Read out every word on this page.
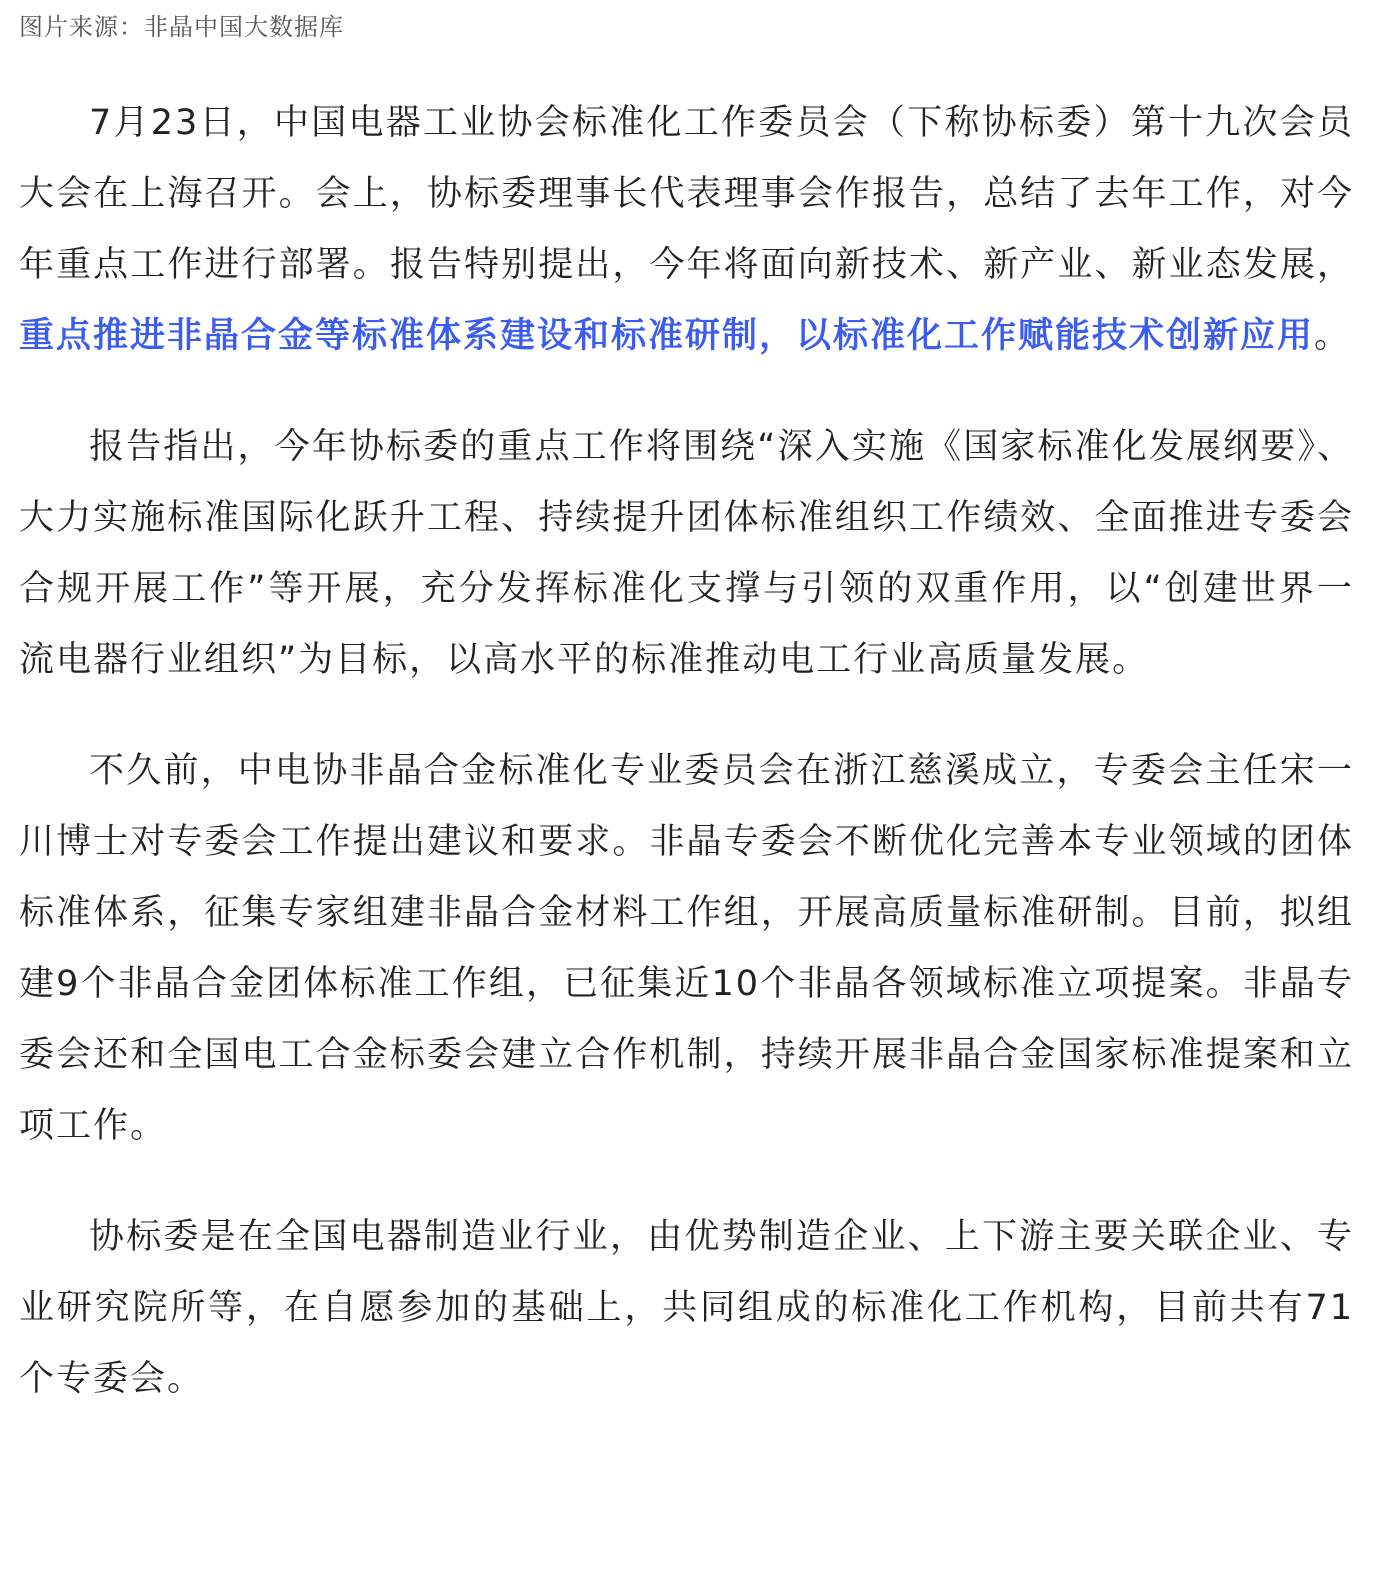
图片来源：非晶中国大数据库

7月23日，中国电器工业协会标准化工作委员会（下称协标委）第十九次会员大会在上海召开。会上，协标委理事长代表理事会作报告，总结了去年工作，对今年重点工作进行部署。报告特别提出，今年将面向新技术、新产业、新业态发展，重点推进非晶合金等标准体系建设和标准研制，以标准化工作赋能技术创新应用。

报告指出，今年协标委的重点工作将围绕“深入实施《国家标准化发展纲要》、大力实施标准国际化跃升工程、持续提升团体标准组织工作绩效、全面推进专委会合规开展工作”等开展，充分发挥标准化支撑与引领的双重作用，以“创建世界一流电器行业组织”为目标，以高水平的标准推动电工行业高质量发展。

不久前，中电协非晶合金标准化专业委员会在浙江慈溪成立，专委会主任宋一川博士对专委会工作提出建议和要求。非晶专委会不断优化完善本专业领域的团体标准体系，征集专家组建非晶合金材料工作组，开展高质量标准研制。目前，拟组建9个非晶合金团体标准工作组，已征集近10个非晶各领域标准立项提案。非晶专委会还和全国电工合金标委会建立合作机制，持续开展非晶合金国家标准提案和立项工作。

协标委是在全国电器制造业行业，由优势制造企业、上下游主要关联企业、专业研究院所等，在自愿参加的基础上，共同组成的标准化工作机构，目前共有71个专委会。
